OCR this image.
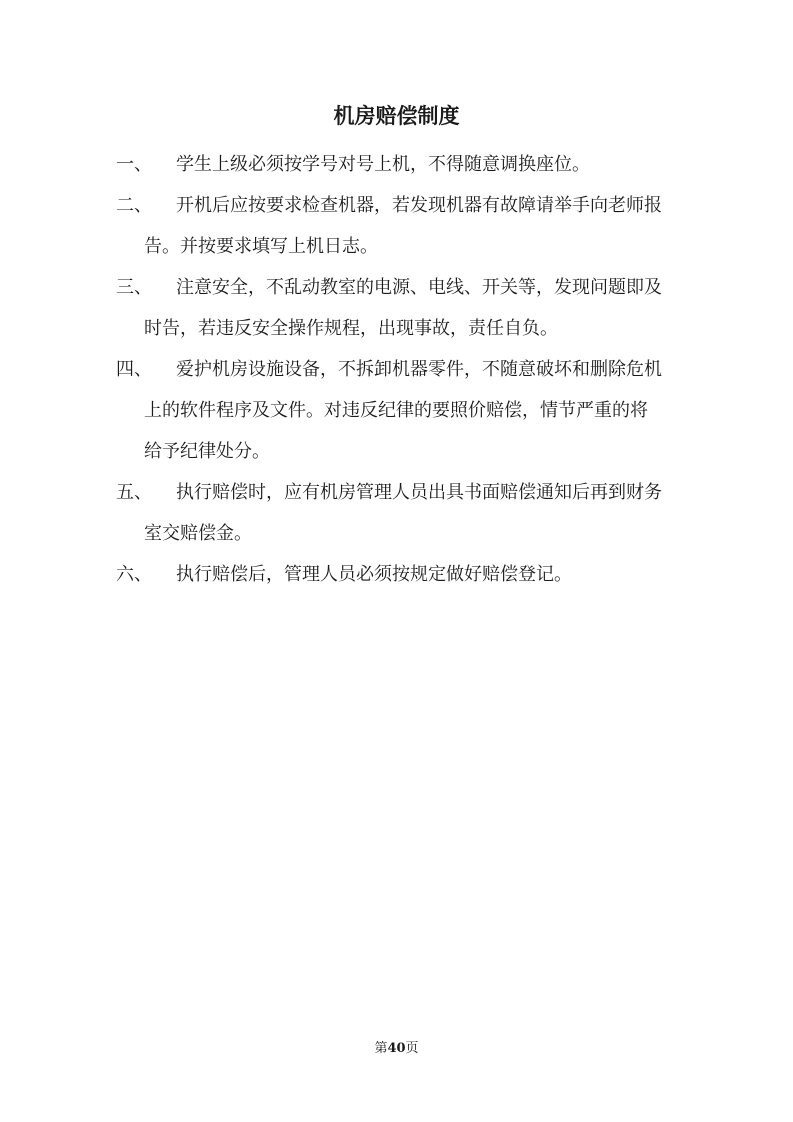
机房赔偿制度
一、 学生上级必须按学号对号上机，不得随意调换座位。
二、 开机后应按要求检查机器，若发现机器有故障请举手向老师报
告。并按要求填写上机日志。
三、 注意安全，不乱动教室的电源、电线、开关等，发现问题即及
时告，若违反安全操作规程，出现事故，责任自负。
四、 爱护机房设施设备，不拆卸机器零件，不随意破坏和删除危机
上的软件程序及文件。对违反纪律的要照价赔偿，情节严重的将
给予纪律处分。
五、 执行赔偿时，应有机房管理人员出具书面赔偿通知后再到财务
室交赔偿金。
六、 执行赔偿后，管理人员必须按规定做好赔偿登记。
第40页
